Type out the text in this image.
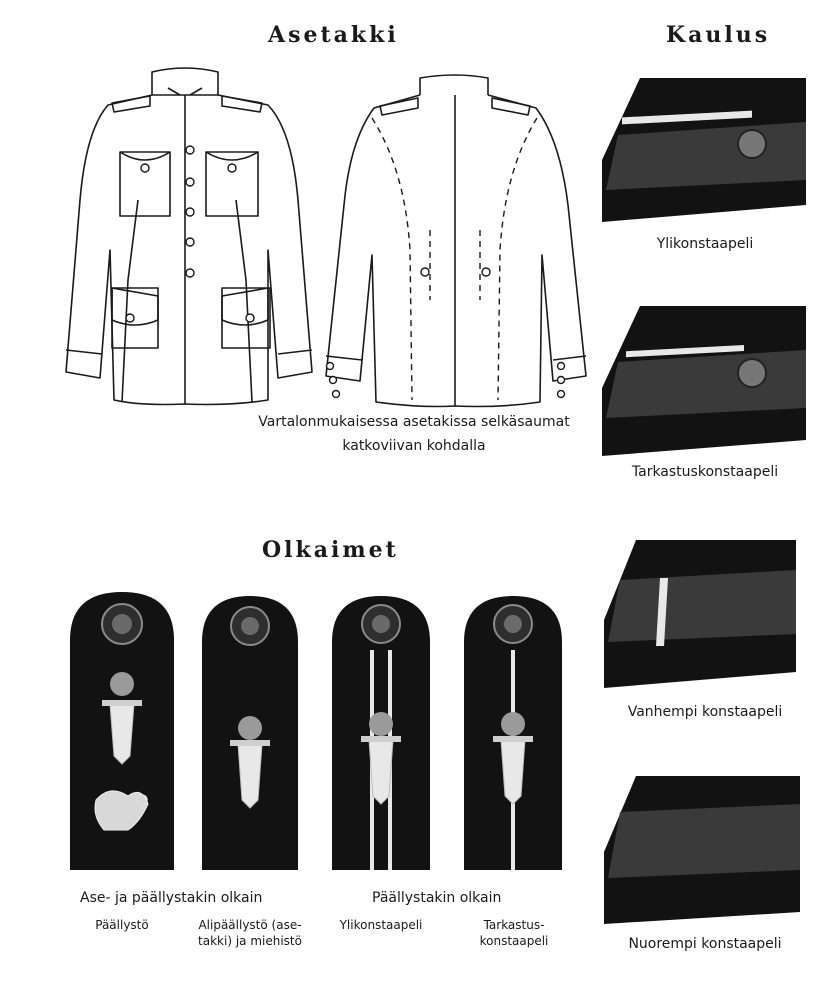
Asetakki	Kaulus
Olkaimet
Vartalonmukaisessa asetakissa selkäsaumat
katkoviivan kohdalla
Ylikonstaapeli
Tarkastuskonstaapeli
Vanhempi konstaapeli
Nuorempi konstaapeli
Ase- ja päällystakin olkain	Päällystakin olkain
Päällystö	Alipäällystö (ase-
takki) ja miehistö
Ylikonstaapeli	Tarkastus-
konstaapeli
